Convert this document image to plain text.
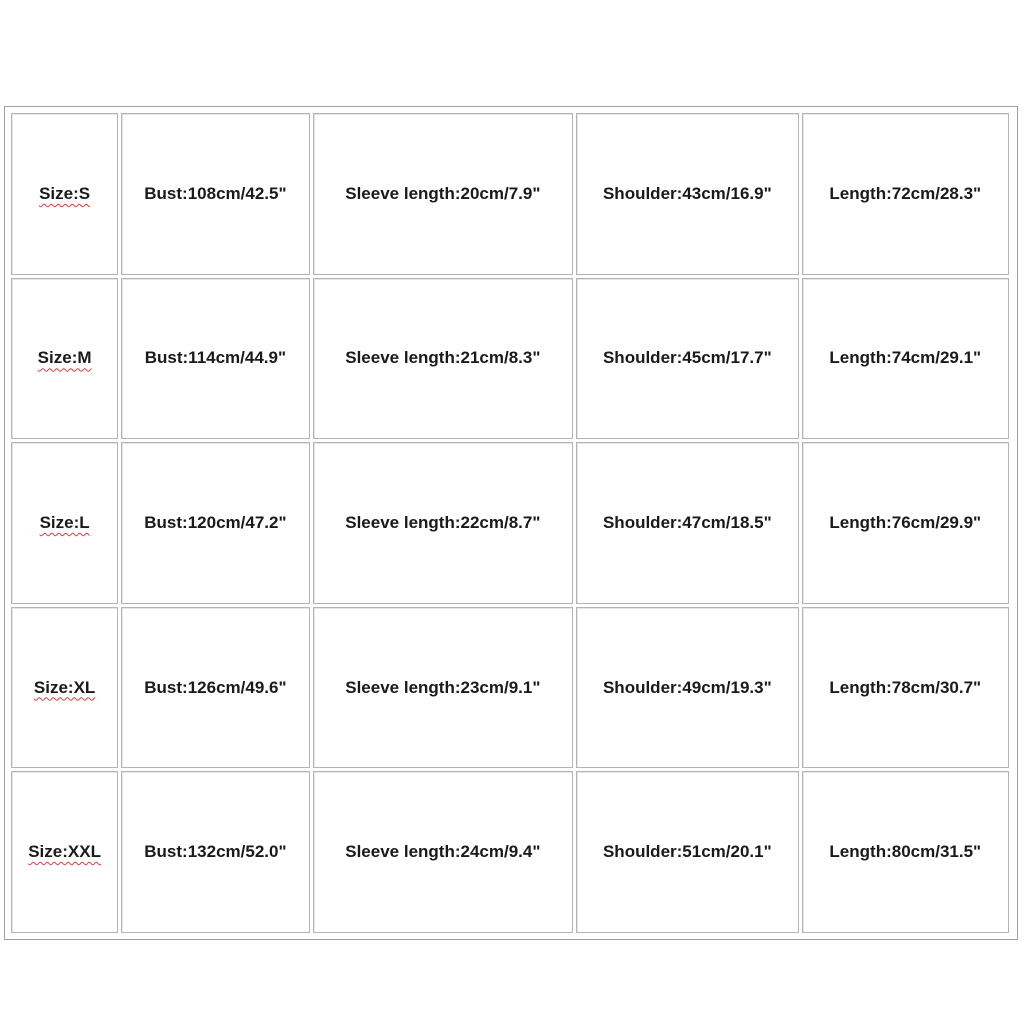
Size:S	Bust:108cm/42.5"	Sleeve length:20cm/7.9"	Shoulder:43cm/16.9"	Length:72cm/28.3"
Size:M	Bust:114cm/44.9"	Sleeve length:21cm/8.3"	Shoulder:45cm/17.7"	Length:74cm/29.1"
Size:L	Bust:120cm/47.2"	Sleeve length:22cm/8.7"	Shoulder:47cm/18.5"	Length:76cm/29.9"
Size:XL	Bust:126cm/49.6"	Sleeve length:23cm/9.1"	Shoulder:49cm/19.3"	Length:78cm/30.7"
Size:XXL	Bust:132cm/52.0"	Sleeve length:24cm/9.4"	Shoulder:51cm/20.1"	Length:80cm/31.5"
